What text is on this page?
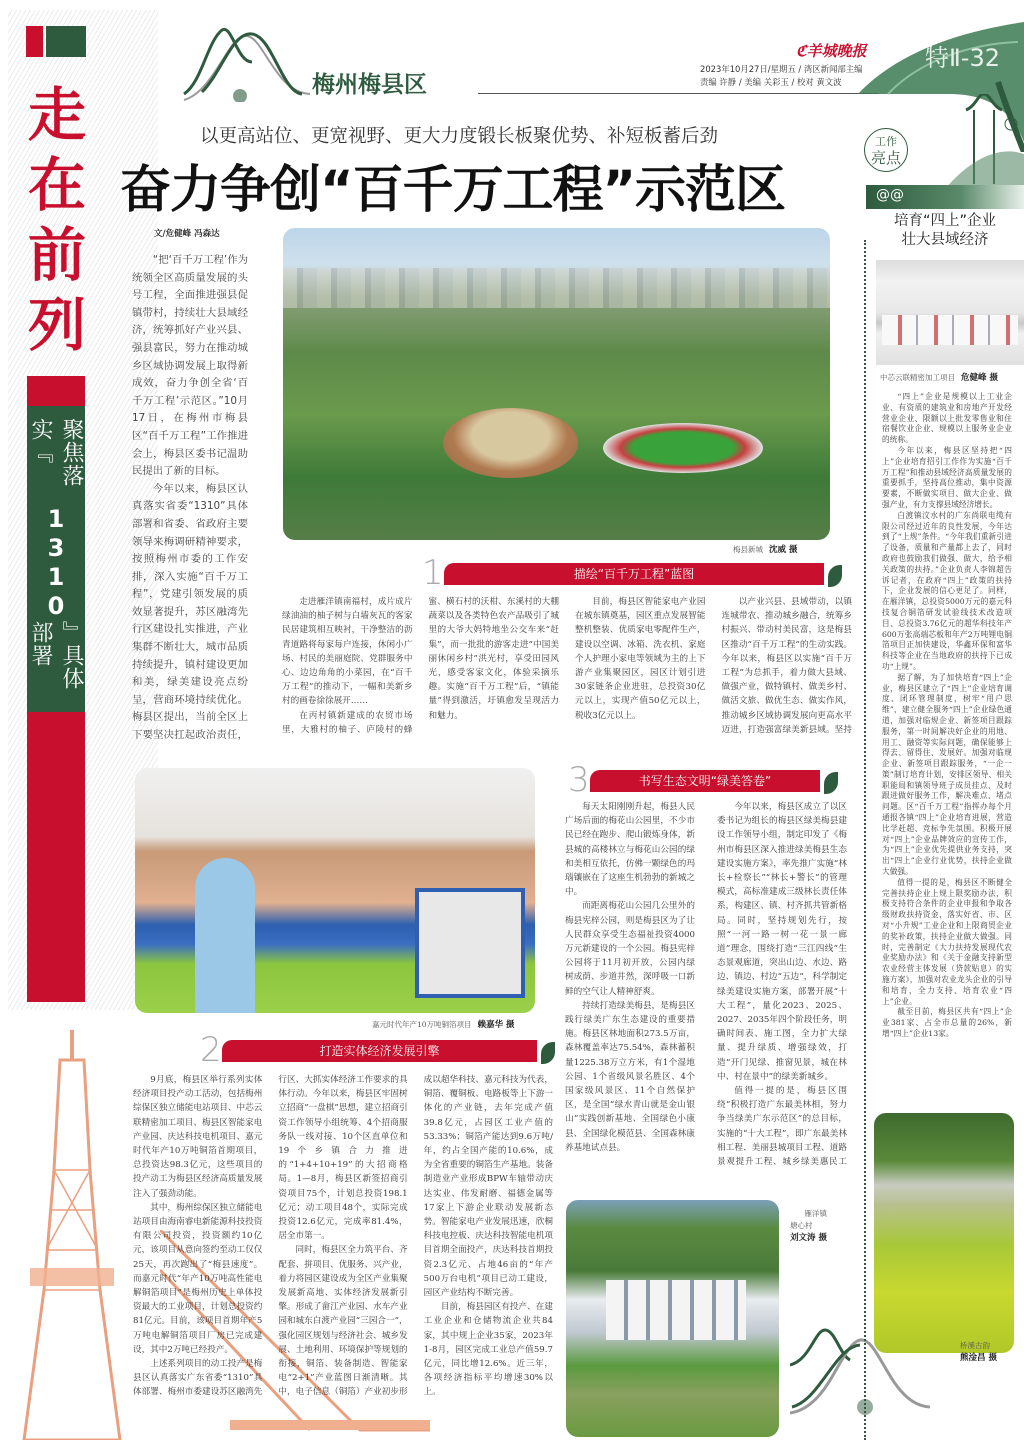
走
在
前
列
聚焦落实『
1310
』具体部署
梅州梅县区
ℭ羊城晚报
2023年10月27日/星期五 / 湾区新闻部主编
责编 许静 / 美编 关彩玉 / 校对 黄文波
特Ⅱ-32
以更高站位、更宽视野、更大力度锻长板聚优势、补短板蓄后劲
奋力争创“百千万工程”示范区
文/危健峰 冯森达

“把‘百千万工程’作为统领全区高质量发展的头号工程，全面推进强县促镇带村，持续壮大县域经济，统筹抓好产业兴县、强县富民，努力在推动城乡区域协调发展上取得新成效，奋力争创全省‘百千万工程’示范区。”10月17日，在梅州市梅县区“百千万工程”工作推进会上，梅县区委书记温助民提出了新的目标。

今年以来，梅县区认真落实省委“1310”具体部署和省委、省政府主要领导来梅调研精神要求，按照梅州市委的工作安排，深入实施“百千万工程”，党建引领发展的质效显著提升，苏区融湾先行区建设扎实推进，产业集群不断壮大，城市品质持续提升，镇村建设更加和美，绿美建设亮点纷呈，营商环境持续优化。梅县区提出，当前全区上下要坚决扛起政治责任，

梅县新城 沈威 摄
1	描绘“百千万工程”蓝图

走进雁洋镇南福村，成片成片绿油油的柚子树与白墙灰瓦的客家民居建筑相互映衬，干净整洁的沥青道路将每家每户连接，休闲小广场、村民的美丽庭院、党群服务中心、边边角角的小菜园，在“百千万工程”的推动下，一幅和美新乡村的画卷徐徐展开……

在丙村镇新建成的农贸市场里，大雅村的柚子、庐陵村的蜂蜜、横石村的沃柑、东溪村的大棚蔬菜以及各类特色农产品吸引了城里的大爷大妈特地坐公交车来“赶集”，而一批批的游客走进“中国美丽休闲乡村”洪光村，享受田园风光，感受客家文化，体验采摘乐趣。实施“百千万工程”后，“镇能量”得到激活，圩镇愈发呈现活力和魅力。

目前，梅县区智能家电产业园在城东镇奠基，园区重点发展智能整机整装、优质家电零配件生产，建设以空调、冰箱、洗衣机、家庭个人护理小家电等领域为主的上下游产业集聚园区，园区计划引进30家链条企业进驻，总投资30亿元以上，实现产值50亿元以上，税收3亿元以上。

以产业兴县、县域带动，以镇连城带农、推动城乡融合，统筹乡村振兴、带动村美民富，这是梅县区推动“百千万工程”的生动实践。今年以来，梅县区以实施“百千万工程”为总抓手，着力做大县域、做强产业，做特镇村、做美乡村、做活文旅、做优生态、做实作风，推动城乡区域协调发展向更高水平迈进，打造强富绿美新县域。坚持

嘉元时代年产10万吨铜箔项目 赖嘉华 摄
3	书写生态文明“绿美答卷”

每天太阳刚刚升起，梅县人民广场后面的梅花山公园里，不少市民已经在跑步、爬山锻炼身体，新县城的高楼林立与梅花山公园的绿和美相互依托，仿佛一颗绿色的玛瑙镶嵌在了这座生机勃勃的新城之中。

而距离梅花山公园几公里外的梅县宪梓公园，则是梅县区为了让人民群众享受生态福祉投资4000万元新建设的一个公园。梅县宪梓公园将于11月初开放，公园内绿树成荫、步道井然，深呼吸一口新鲜的空气让人精神舒爽。

持续打造绿美梅县，是梅县区践行绿美广东生态建设的重要措施。梅县区林地面积273.5万亩，森林覆盖率达75.54%，森林蓄积量1225.38万立方米，有1个湿地公园、1个省级风景名胜区、4个国家级风景区、11个自然保护区，是全国“绿水青山就是金山银山”实践创新基地、全国绿色小康县、全国绿化模范县、全国森林康养基地试点县。

今年以来，梅县区成立了以区委书记为组长的梅县区绿美梅县建设工作领导小组，制定印发了《梅州市梅县区深入推进绿美梅县生态建设实施方案》，率先推广实施“林长+检察长”“林长+警长”的管理模式，高标准建成三级林长责任体系，构建区、镇、村齐抓共管新格局。同时，坚持规划先行，按照“一河一路一树一花一景一廊道”理念，围绕打造“三江四线”生态景观廊道，突出山边、水边、路边、镇边、村边“五边”，科学制定绿美建设实施方案，部署开展“十大工程”，量化2023、2025、2027、2035年四个阶段任务，明确时间表、施工图，全力扩大绿量、提升绿质、增强绿效，打造“开门见绿、推窗见景，城在林中、村在景中”的绿美新城乡。

值得一提的是，梅县区围绕“积极打造广东最美林相，努力争当绿美广东示范区”的总目标，实施的“十大工程”，即广东最美林相工程、美丽县城项目工程、道路景观提升工程、城乡绿美惠民工

2	打造实体经济发展引擎

9月底，梅县区举行系列实体经济项目投产动工活动，包括梅州综保区独立储能电站项目、中芯云联精密加工项目、梅县区智能家电产业园、庆达科技电机项目、嘉元时代年产10万吨铜箔首期项目，总投资达98.3亿元，这些项目的投产动工为梅县区经济高质量发展注入了强劲动能。

其中，梅州综保区独立储能电站项目由海南睿电新能源科技投资有限公司投资，投资额约10亿元，该项目从意向签约至动工仅仅25天，再次跑出了“梅县速度”。而嘉元时代“年产10万吨高性能电解铜箔项目”是梅州历史上单体投资最大的工业项目，计划总投资约81亿元。目前，该项目首期年产5万吨电解铜箔项目厂房已完成建设，其中2万吨已经投产。

上述系列项目的动工投产是梅县区认真落实广东省委“1310”具体部署、梅州市委建设苏区融湾先行区、大抓实体经济工作要求的具体行动。今年以来，梅县区牢固树立招商“一盘棋”思想，建立招商引资工作领导小组统筹、4个招商服务队一线对接、10个区直单位和19个乡镇合力推进的“1+4+10+19”的大招商格局。1—8月，梅县区新签招商引资项目75个，计划总投资198.1亿元；动工项目48个，实际完成投资12.6亿元，完成率81.4%，居全市第一。

同时，梅县区全力筑平台、齐配套、拼项目、优服务、兴产业，着力将园区建设成为全区产业集聚发展新高地、实体经济发展新引擎。形成了畲江产业园、水车产业园和城东白渡产业园“三园合一”，强化园区规划与经济社会、城乡发展、土地利用、环境保护等规划的衔接，铜箔、装备制造、智能家电“2+1”产业蓝图日渐清晰。其中，电子信息（铜箔）产业初步形成以超华科技、嘉元科技为代表，铜箔、覆铜板、电路板等上下游一体化的产业链，去年完成产值39.8亿元，占园区工业产值的53.33%；铜箔产能达到9.6万吨/年，约占全国产能的10.6%，成为全省重要的铜箔生产基地。装备制造业产业形成BPW车轴带动庆达实业、伟发耐磨、福德金属等17家上下游企业联动发展新态势。智能家电产业发展迅速，欣桐科技电控板、庆达科技智能电机项目首期全面投产，庆达科技首期投资2.3亿元、占地46亩的“年产500万台电机”项目已动工建设，园区产业结构不断完善。

目前，梅县园区有投产、在建工业企业和仓储物流企业共84家，其中规上企业35家，2023年1-8月，园区完成工业总产值59.7亿元，同比增12.6%。近三年，各项经济指标平均增速30%以上。

雁洋镇
塘心村
刘文涛 摄
工作
亮点
@@
培育“四上”企业
壮大县域经济
中芯云联精密加工项目 危健峰 摄

“四上”企业是规模以上工业企业、有资质的建筑业和房地产开发经营业企业、限额以上批发零售业和住宿餐饮业企业、规模以上服务业企业的统称。

今年以来，梅县区坚持把“四上”企业培育招引工作作为实施“百千万工程”和推动县域经济高质量发展的重要抓手，坚持高位推动，集中资源要素，不断做实项目、做大企业、做强产业，有力支撑县域经济增长。

白渡镇汶水村的广东尚联电缆有限公司经过近年的良性发展，今年达到了“上规”条件。“今年我们重新引进了设备，质量和产量都上去了，同时政府也鼓励我们做强、做大，给予相关政策的扶持。”企业负责人李锦超告诉记者，在政府“四上”政策的扶持下，企业发展的信心更足了。同样，在雁洋镇，总投资5000万元的嘉元科技复合铜箔研发试验线技术改造项目、总投资3.76亿元的超华科技年产600万张高端芯板和年产2万吨锂电铜箔项目正加快建设，华鑫环保和富华科技等企业在当地政府的扶持下已成功“上规”。

据了解，为了加快培育“四上”企业，梅县区建立了“四上”企业培育调度、闭环管理制度，树牢“用户思维”，建立健全服务“四上”企业绿色通道，加强对临规企业、新签项目跟踪服务，第一时间解决好企业的用地、用工、融资等实际问题，确保能够上得去、留得住、发展好。加强对临规企业、新签项目跟踪服务，“一企一策”制订培育计划，安排区领导、相关职能局和镇领导班子成员挂点，及时跟进做好服务工作，解决难点、堵点问题。区“百千万工程”指挥办每个月通报各镇“四上”企业培育进展，营造比学赶超、竞标争先氛围。积极开展对“四上”企业品牌效应的宣传工作，为“四上”企业优先提供业务支持，突出“四上”企业行业优势，扶持企业做大做强。

值得一提的是，梅县区不断健全完善扶持企业上规上限奖励办法，积极支持符合条件的企业申报和争取各级财政扶持资金，落实好省、市、区对“小升规”工业企业和上限商贸企业的奖补政策，扶持企业做大做强。同时，完善制定《大力扶持发展现代农业奖励办法》和《关于金融支持新型农业经营主体发展（贷款贴息）的实施方案》，加强对农业龙头企业的引导和培育，全力支持、培育农业“四上”企业。

截至目前，梅县区共有“四上”企业381家、占全市总量的26%，新增“四上”企业13家。

桥溪古韵
熊淦昌 摄
